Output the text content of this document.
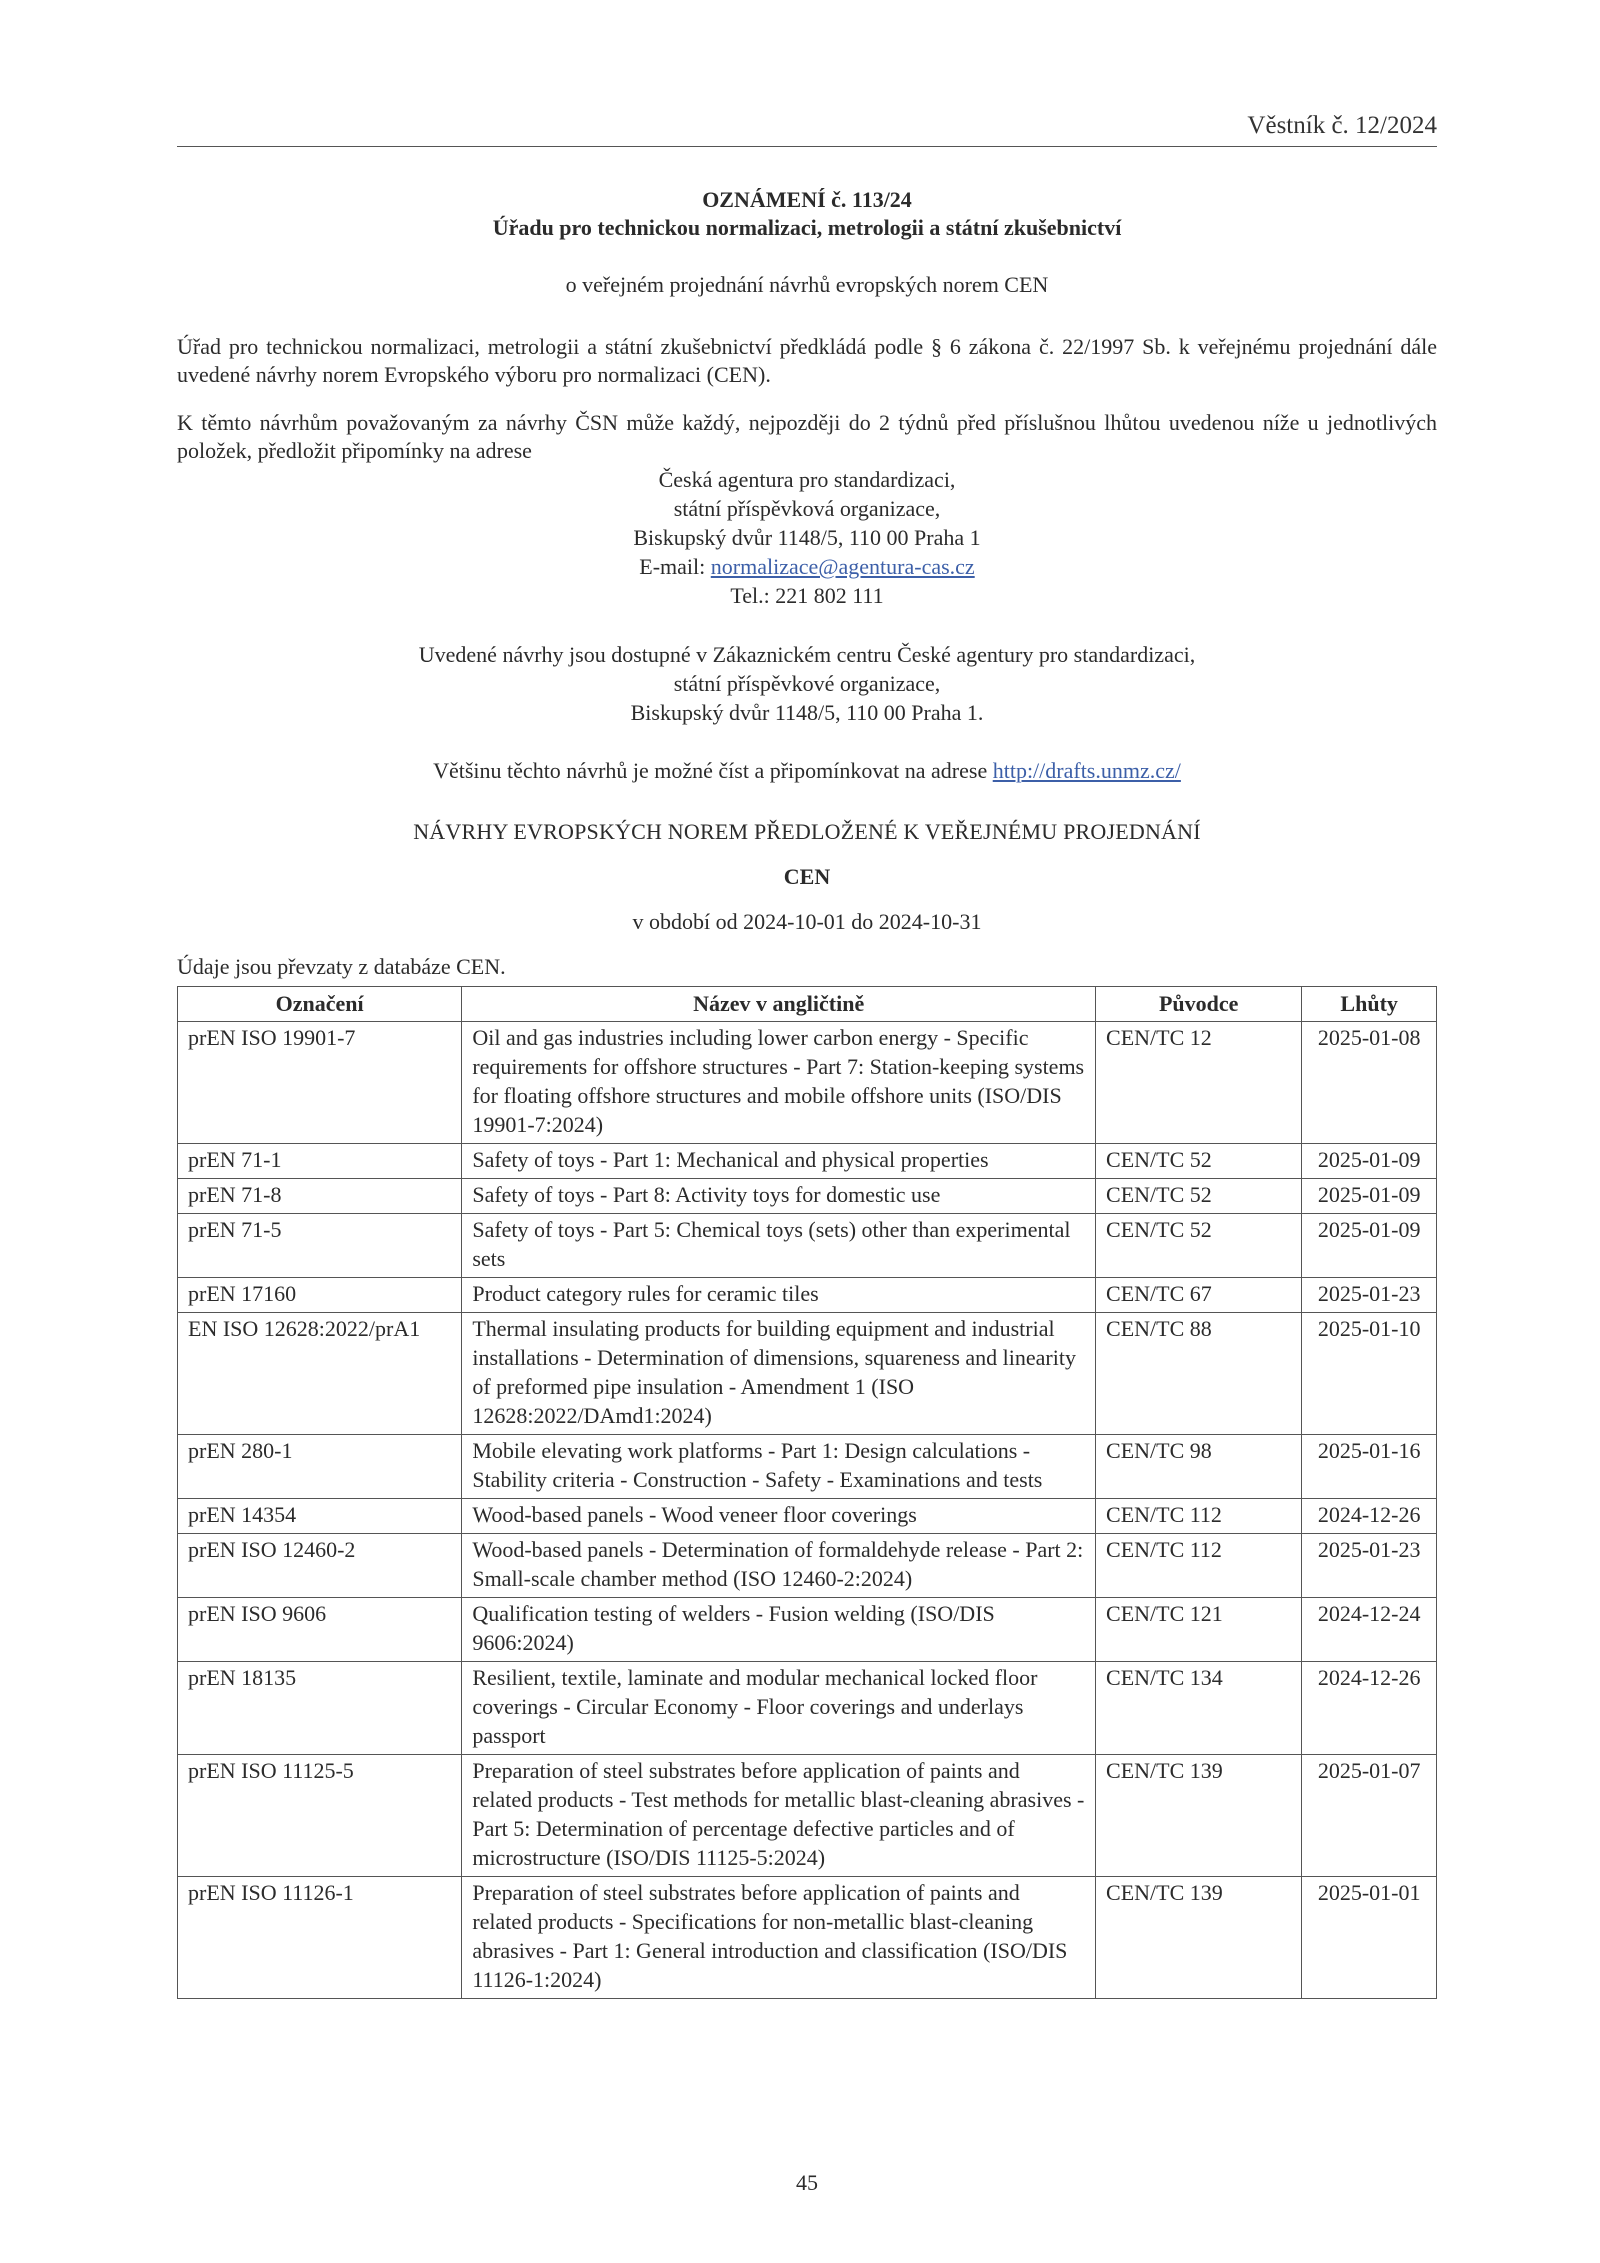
Věstník č. 12/2024
OZNÁMENÍ č. 113/24
Úřadu pro technickou normalizaci, metrologii a státní zkušebnictví
o veřejném projednání návrhů evropských norem CEN
Úřad pro technickou normalizaci, metrologii a státní zkušebnictví předkládá podle § 6 zákona č. 22/1997 Sb. k veřejnému projednání dále uvedené návrhy norem Evropského výboru pro normalizaci (CEN).
K těmto návrhům považovaným za návrhy ČSN může každý, nejpozději do 2 týdnů před příslušnou lhůtou uvedenou níže u jednotlivých položek, předložit připomínky na adrese
Česká agentura pro standardizaci,
státní příspěvková organizace,
Biskupský dvůr 1148/5, 110 00 Praha 1
E-mail: normalizace@agentura-cas.cz
Tel.: 221 802 111
Uvedené návrhy jsou dostupné v Zákaznickém centru České agentury pro standardizaci,
státní příspěvkové organizace,
Biskupský dvůr 1148/5, 110 00 Praha 1.
Většinu těchto návrhů je možné číst a připomínkovat na adrese http://drafts.unmz.cz/
NÁVRHY EVROPSKÝCH NOREM PŘEDLOŽENÉ K VEŘEJNÉMU PROJEDNÁNÍ
CEN
v období od 2024-10-01 do 2024-10-31
Údaje jsou převzaty z databáze CEN.
Označení	Název v angličtině	Původce	Lhůty
prEN ISO 19901-7	Oil and gas industries including lower carbon energy - Specific requirements for offshore structures - Part 7: Station-keeping systems for floating offshore structures and mobile offshore units (ISO/DIS 19901-7:2024)	CEN/TC 12	2025-01-08
prEN 71-1	Safety of toys - Part 1: Mechanical and physical properties	CEN/TC 52	2025-01-09
prEN 71-8	Safety of toys - Part 8: Activity toys for domestic use	CEN/TC 52	2025-01-09
prEN 71-5	Safety of toys - Part 5: Chemical toys (sets) other than experimental sets	CEN/TC 52	2025-01-09
prEN 17160	Product category rules for ceramic tiles	CEN/TC 67	2025-01-23
EN ISO 12628:2022/prA1	Thermal insulating products for building equipment and industrial installations - Determination of dimensions, squareness and linearity of preformed pipe insulation - Amendment 1 (ISO 12628:2022/DAmd1:2024)	CEN/TC 88	2025-01-10
prEN 280-1	Mobile elevating work platforms - Part 1: Design calculations - Stability criteria - Construction - Safety - Examinations and tests	CEN/TC 98	2025-01-16
prEN 14354	Wood-based panels - Wood veneer floor coverings	CEN/TC 112	2024-12-26
prEN ISO 12460-2	Wood-based panels - Determination of formaldehyde release - Part 2: Small-scale chamber method (ISO 12460-2:2024)	CEN/TC 112	2025-01-23
prEN ISO 9606	Qualification testing of welders - Fusion welding (ISO/DIS 9606:2024)	CEN/TC 121	2024-12-24
prEN 18135	Resilient, textile, laminate and modular mechanical locked floor coverings - Circular Economy - Floor coverings and underlays passport	CEN/TC 134	2024-12-26
prEN ISO 11125-5	Preparation of steel substrates before application of paints and related products - Test methods for metallic blast-cleaning abrasives - Part 5: Determination of percentage defective particles and of microstructure (ISO/DIS 11125-5:2024)	CEN/TC 139	2025-01-07
prEN ISO 11126-1	Preparation of steel substrates before application of paints and related products - Specifications for non-metallic blast-cleaning abrasives - Part 1: General introduction and classification (ISO/DIS 11126-1:2024)	CEN/TC 139	2025-01-01
45
